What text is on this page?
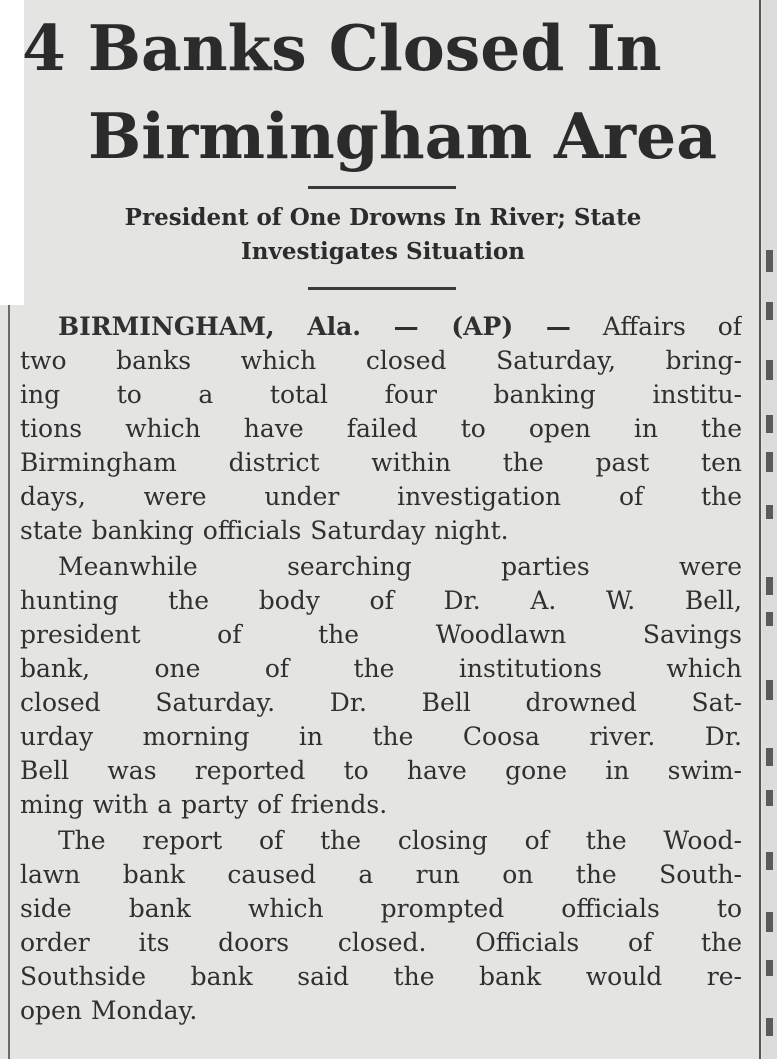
4 Banks Closed In
Birmingham Area
President of One Drowns In River; State
Investigates Situation

BIRMINGHAM, Ala. — (AP) — Affairs of
two banks which closed Saturday, bring-
ing to a total four banking institu-
tions which have failed to open in the
Birmingham district within the past ten
days, were under investigation of the
state banking officials Saturday night.

Meanwhile searching parties were
hunting the body of Dr. A. W. Bell,
president of the Woodlawn Savings
bank, one of the institutions which
closed Saturday. Dr. Bell drowned Sat-
urday morning in the Coosa river. Dr.
Bell was reported to have gone in swim-
ming with a party of friends.

The report of the closing of the Wood-
lawn bank caused a run on the South-
side bank which prompted officials to
order its doors closed. Officials of the
Southside bank said the bank would re-
open Monday.
